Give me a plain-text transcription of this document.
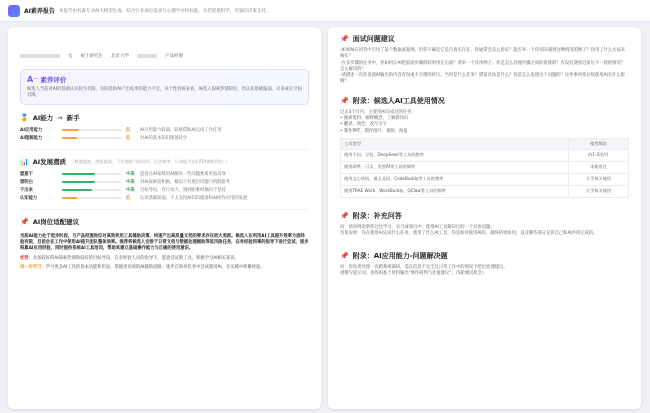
AI素养报告 本报告由名森专业AI大模型生成，结合行业岗位需求与心理学评价标准，为您提供科学、可靠的决策支持。
女 硕士研究生 北京大学	产品经理
A⁻ 素养评价
候选人当前对AI的基础认识较为有限，实际借助AI产出结果的能力不足，从个性特质来看，候选人探索热情较好，但认知基础偏弱，未来成长空间有限。
🏅 AI能力 → 新手
AI应用能力	低	AI应用能力较弱，较难借助AI完成工作任务
AI理解能力	低	对AI的基本知识储备较少
📊 AI发展潜质 （数值越高，潜质越高；不代表能力的好坏。仅供参考，认知能力由CATA测验得出。）
愿意干	中高	愿意在AI领域用AI解决一些问题要素更加高效
想明白	中高	对AI探索较积极，倾向于对底层问题与机制思考
干出来	中高	目标导向，有行动力，遇到困难时倾向于坚持
认知能力	低	认知基础较弱，不太支持AI知识储备和AI协作应用的发展
📌 AI岗位适配建议
当前AI能力处于起步阶段，与产品经理岗位对高效利用工具辅助决策、快速产出高质量文档的要求存在较大差距。候选人在利用AI工具提升效率方面经验有限，目前会在工作中使用AI提升团队整体效率。推荐将候选人安排于日常文档与数据处理辅助等低风险任务，在有经验同事的指导下进行尝试，逐步积累AI应用经验，同时提供系统AI工具培训，帮助其建立基础操作能力与正确的使用意识。
优势：具备较好的AI探索热情和较好的目标导向，在有经验人员的指导下，愿意尝试新工具，积极学习AI相关知识。
进一步学习：学习更多AI工具的基本功能和用法，掌握更高效的AI辅助思路，逐步在简单任务中尝试使用AI，在实践中积累经验。
📌 面试问题建议
-如果AI在回答中引用了某个数据或案例，但你不确定它是否真实存在，你通常会怎么验证？能否举一个你实际遇到这种情况的例子？你用了什么方法来核实？
-在多步骤的任务中，你如何让AI把前面步骤的结果用在后面？请举一个具体例子。你是怎么处理步骤之间的衔接的？有没有遇到过前后不一致的情况？怎么解决的？
-请描述一次你发现AI输出的内容有误或不合理的经历。当时是什么任务？错误具体是什么？你是怎么发现这个问题的？这件事对你后续使用AI有什么影响？
📌 附录：候选人AI工具使用情况
过去3个月内，主要用AI完成过的任务：
• 搜索资料、解释概念、了解新知识
• 翻译、润色、改写文字
• 制作PPT、制作图片、视频、海报
工具类型	使用频次
使用千问、豆包、DeepSeek等工具的频率	约1-2次/月
使用即梦、可灵、美图AI等工具的频率	未使用过
使用文心快码、通义灵码、CodeBuddy等工具的频率	几乎每天使用
使用TRAE Work、WorkBuddy、QClaw等工具的频率	几乎每天使用
📌 附录：补充问答
问：请举例说明你过往学习、实习或项目中，使用AI工具解决过的一个具体问题。
答复说明：你在使用AI完成什么任务，使用了什么AI工具，你是如何使用AI的，最终结果如何，以及哪些部分是你自己和AI共同完成的。
📌 附录：AI应用能力-问题解决题
问：你负责处理一次跨系统调研，需在信息不完全且日常工作中的情况下给出处理建议。
请撰写提示词，指挥AI基于材料输出"事件研判与处置建议"。（5轮调试机会）
